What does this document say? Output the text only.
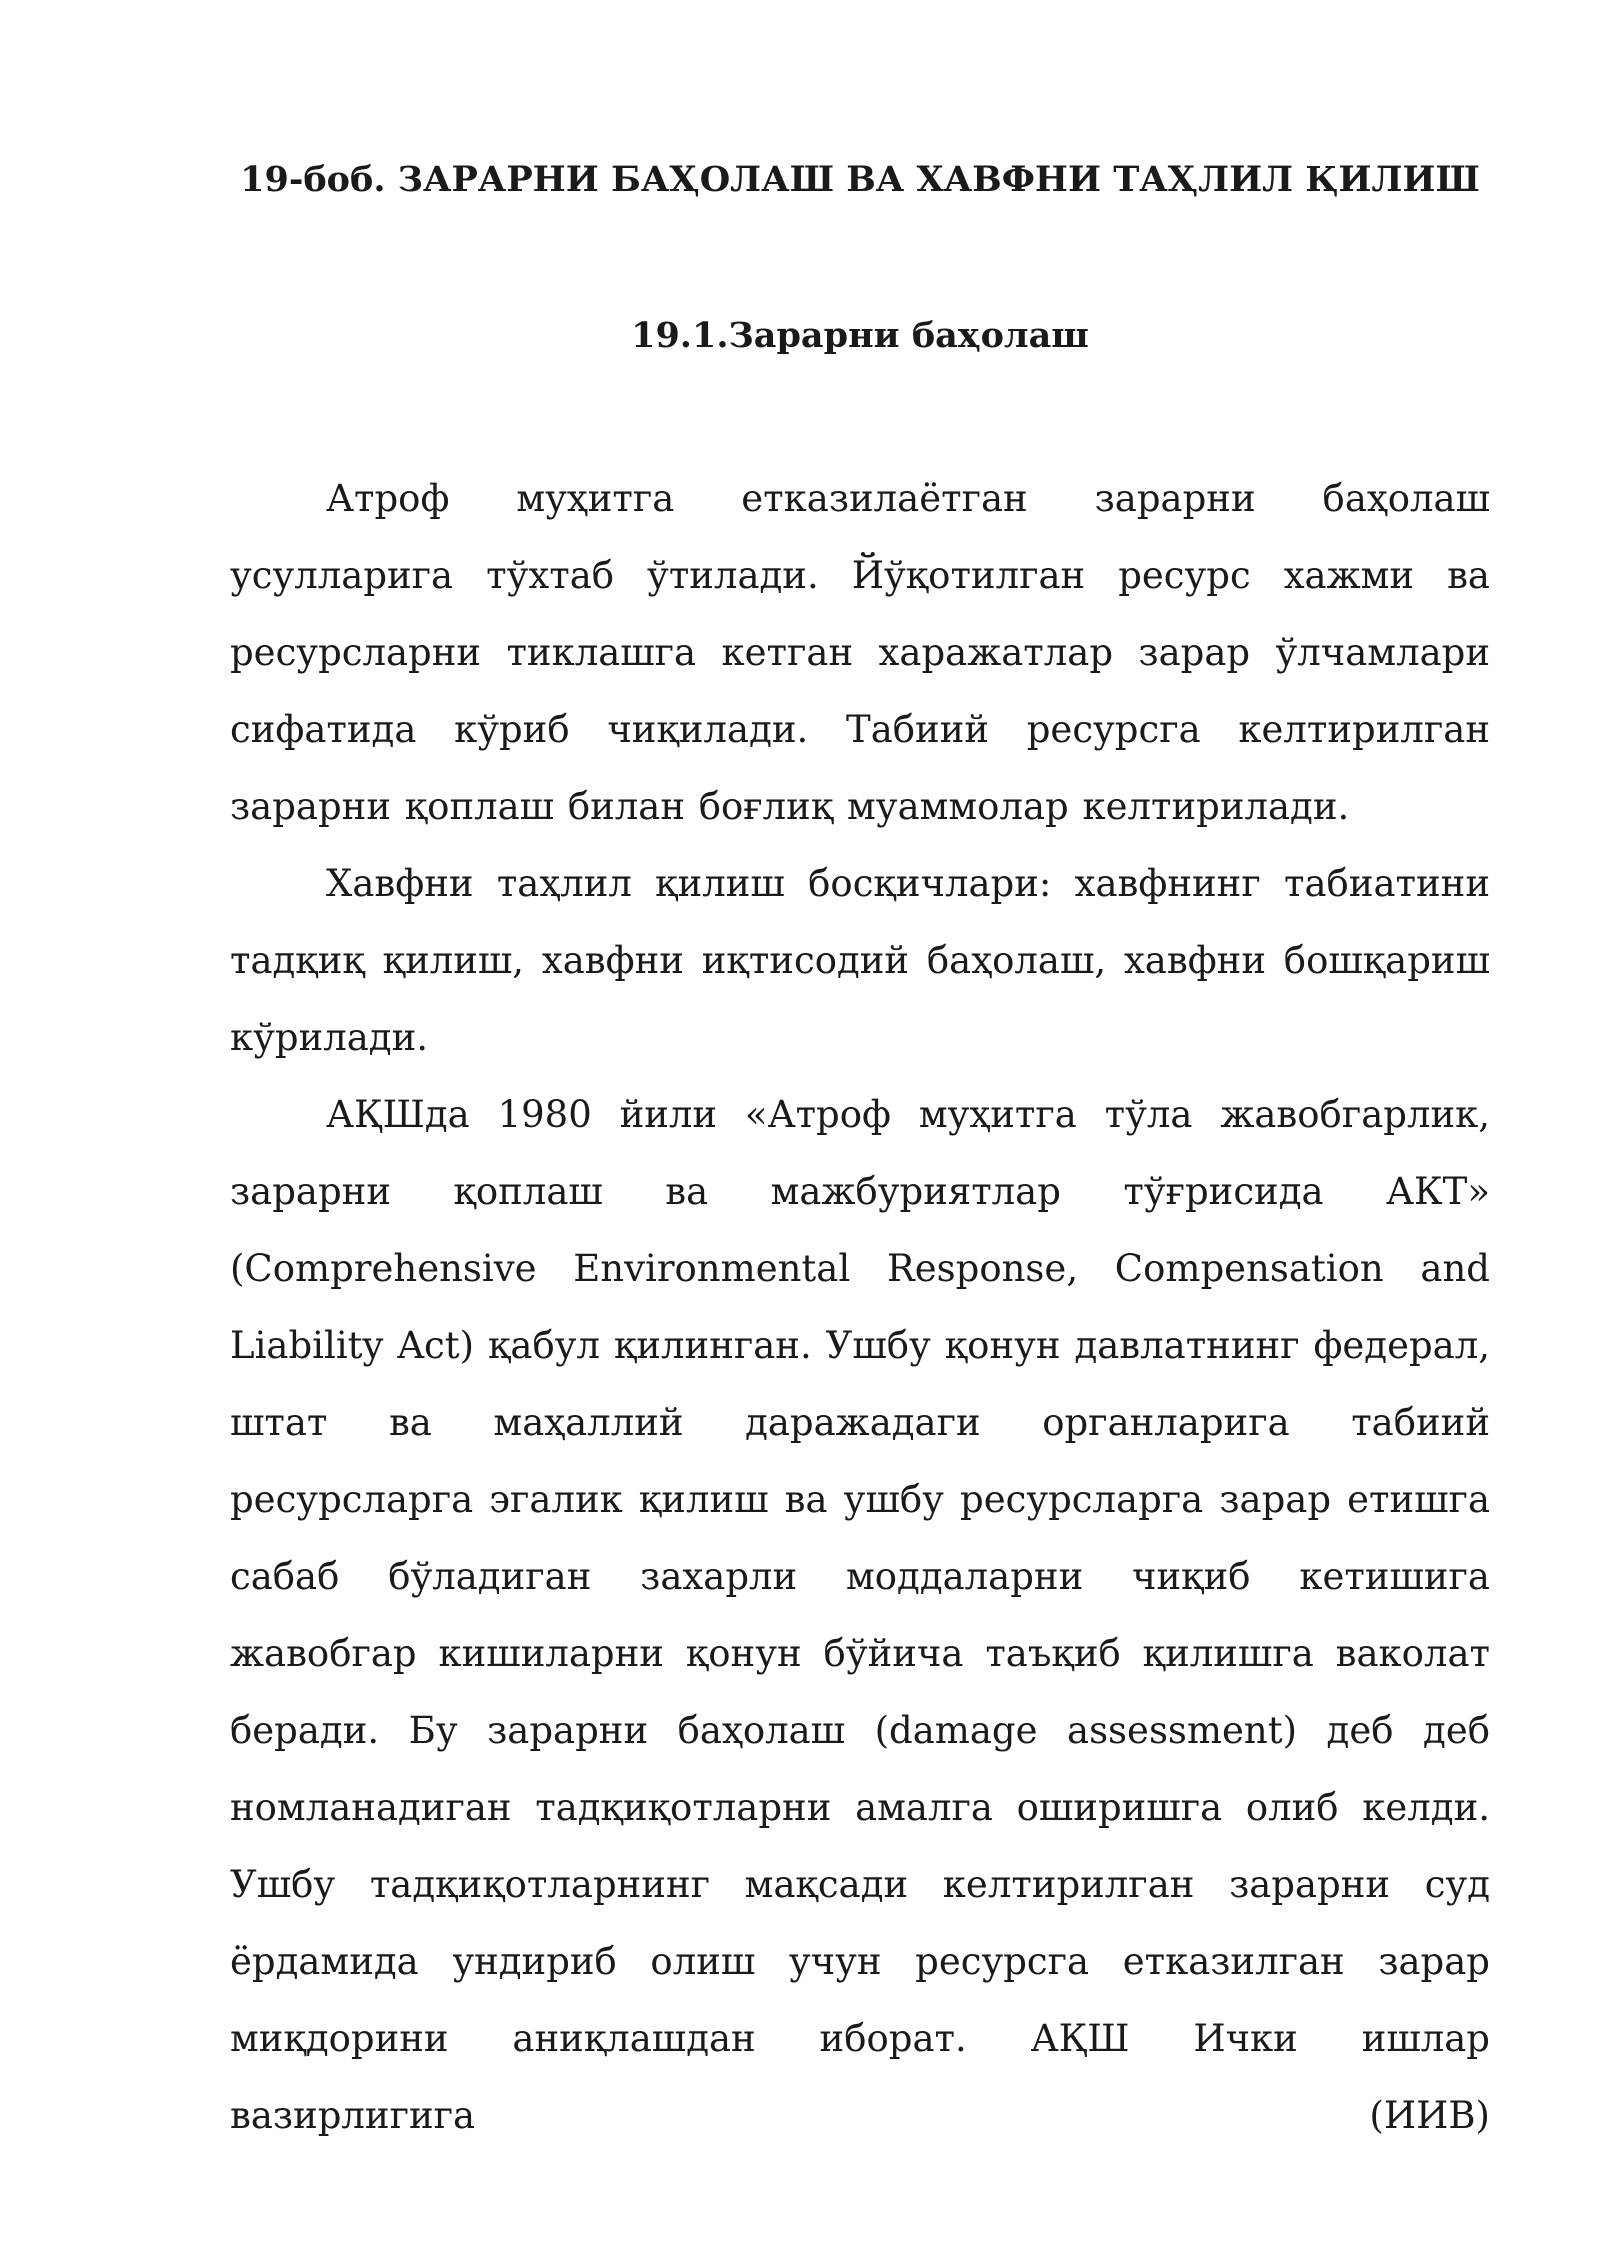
19-боб. ЗАРАРНИ БАҲОЛАШ ВА ХАВФНИ ТАҲЛИЛ ҚИЛИШ
19.1.Зарарни баҳолаш

Атроф муҳитга етказилаётган зарарни баҳолаш усулларига тўхтаб ўтилади. Йўқотилган ресурс хажми ва ресурсларни тиклашга кетган харажатлар зарар ўлчамлари сифатида кўриб чиқилади. Табиий ресурсга келтирилган зарарни қоплаш билан боғлиқ муаммолар келтирилади.

Хавфни таҳлил қилиш босқичлари: хавфнинг табиатини тадқиқ қилиш, хавфни иқтисодий баҳолаш, хавфни бошқариш кўрилади.

АҚШда 1980 йили «Атроф муҳитга тўла жавобгарлик, зарарни қоплаш ва мажбуриятлар тўғрисида АКТ» (Comprehensive Environmental Response, Compensation and Liability Act) қабул қилинган. Ушбу қонун давлатнинг федерал, штат ва маҳаллий даражадаги органларига табиий ресурсларга эгалик қилиш ва ушбу ресурсларга зарар етишга сабаб бўладиган захарли моддаларни чиқиб кетишига жавобгар кишиларни қонун бўйича таъқиб қилишга ваколат беради. Бу зарарни баҳолаш (damage assessment) деб деб номланадиган тадқиқотларни амалга оширишга олиб келди. Ушбу тадқиқотларнинг мақсади келтирилган зарарни суд ёрдамида ундириб олиш учун ресурсга етказилган зарар миқдорини аниқлашдан иборат. АҚШ Ички ишлар вазирлигига (ИИВ)
